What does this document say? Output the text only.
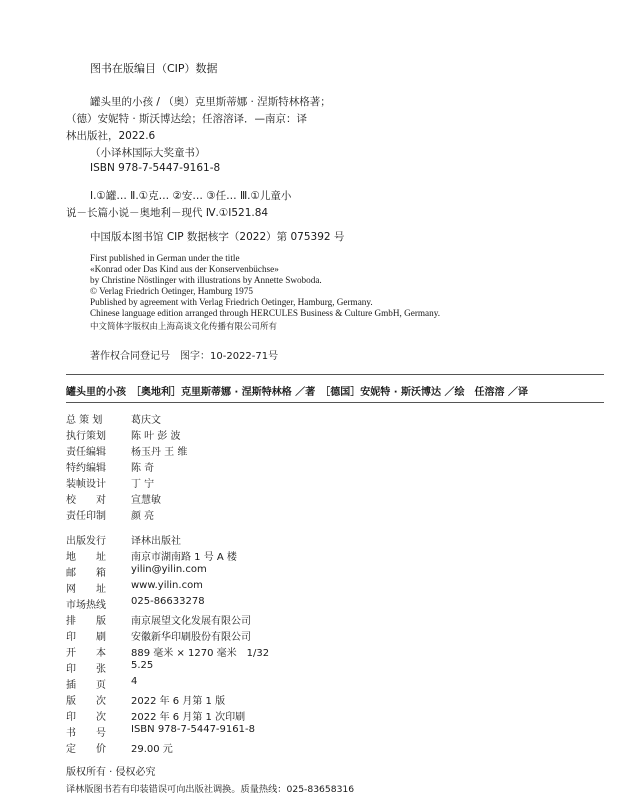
图书在版编目（CIP）数据
罐头里的小孩 / （奥）克里斯蒂娜 · 涅斯特林格著；
（德）安妮特 · 斯沃博达绘；任溶溶译．—南京：译
林出版社，2022.6
（小译林国际大奖童书）
ISBN 978-7-5447-9161-8
Ⅰ.①罐… Ⅱ.①克… ②安… ③任… Ⅲ.①儿童小
说－长篇小说－奥地利－现代 Ⅳ.①I521.84
中国版本图书馆 CIP 数据核字（2022）第 075392 号
First published in German under the title
«Konrad oder Das Kind aus der Konservenbüchse»
by Christine Nöstlinger with illustrations by Annette Swoboda.
© Verlag Friedrich Oetinger, Hamburg 1975
Published by agreement with Verlag Friedrich Oetinger, Hamburg, Germany.
Chinese language edition arranged through HERCULES Business & Culture GmbH, Germany.
中文简体字版权由上海高谈文化传播有限公司所有
著作权合同登记号　图字：10-2022-71号
罐头里的小孩　［奥地利］克里斯蒂娜 · 涅斯特林格 ／著　［德国］安妮特 · 斯沃博达 ／绘　任溶溶 ／译
总 策 划	葛庆文
执行策划	陈 叶 彭 波
责任编辑	杨玉丹 王 维
特约编辑	陈 奇
装帧设计	丁 宁
校　　对	宣慧敏
责任印制	颜 亮
出版发行	译林出版社
地　　址	南京市湖南路 1 号 A 楼
邮　　箱	yilin@yilin.com
网　　址	www.yilin.com
市场热线	025-86633278
排　　版	南京展望文化发展有限公司
印　　刷	安徽新华印刷股份有限公司
开　　本	889 毫米 × 1270 毫米　1/32
印　　张	5.25
插　　页	4
版　　次	2022 年 6 月第 1 版
印　　次	2022 年 6 月第 1 次印刷
书　　号	ISBN 978-7-5447-9161-8
定　　价	29.00 元
版权所有 · 侵权必究
译林版图书若有印装错误可向出版社调换。质量热线：025-83658316
